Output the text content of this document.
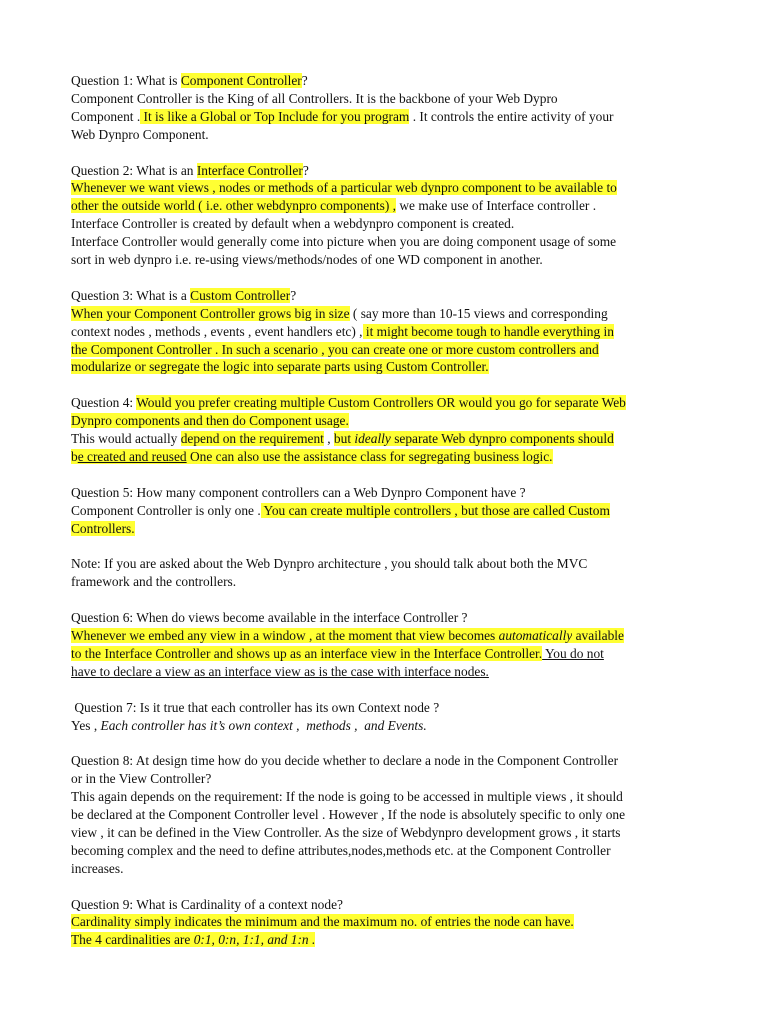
Question 1: What is Component Controller?
Component Controller is the King of all Controllers. It is the backbone of your Web Dypro
Component . It is like a Global or Top Include for you program . It controls the entire activity of your
Web Dynpro Component.
Question 2: What is an Interface Controller?
Whenever we want views , nodes or methods of a particular web dynpro component to be available to
other the outside world ( i.e. other webdynpro components) , we make use of Interface controller .
Interface Controller is created by default when a webdynpro component is created.
Interface Controller would generally come into picture when you are doing component usage of some
sort in web dynpro i.e. re-using views/methods/nodes of one WD component in another.
Question 3: What is a Custom Controller?
When your Component Controller grows big in size ( say more than 10-15 views and corresponding
context nodes , methods , events , event handlers etc) , it might become tough to handle everything in
the Component Controller . In such a scenario , you can create one or more custom controllers and
modularize or segregate the logic into separate parts using Custom Controller.
Question 4: Would you prefer creating multiple Custom Controllers OR would you go for separate Web
Dynpro components and then do Component usage.
This would actually depend on the requirement , but ideally separate Web dynpro components should
be created and reused One can also use the assistance class for segregating business logic.
Question 5: How many component controllers can a Web Dynpro Component have ?
Component Controller is only one . You can create multiple controllers , but those are called Custom
Controllers.
Note: If you are asked about the Web Dynpro architecture , you should talk about both the MVC
framework and the controllers.
Question 6: When do views become available in the interface Controller ?
Whenever we embed any view in a window , at the moment that view becomes automatically available
to the Interface Controller and shows up as an interface view in the Interface Controller. You do not
have to declare a view as an interface view as is the case with interface nodes.
Question 7: Is it true that each controller has its own Context node ?
Yes , Each controller has it’s own context ,  methods ,  and Events.
Question 8: At design time how do you decide whether to declare a node in the Component Controller
or in the View Controller?
This again depends on the requirement: If the node is going to be accessed in multiple views , it should
be declared at the Component Controller level . However , If the node is absolutely specific to only one
view , it can be defined in the View Controller. As the size of Webdynpro development grows , it starts
becoming complex and the need to define attributes,nodes,methods etc. at the Component Controller
increases.
Question 9: What is Cardinality of a context node?
Cardinality simply indicates the minimum and the maximum no. of entries the node can have.
The 4 cardinalities are 0:1, 0:n, 1:1, and 1:n .
